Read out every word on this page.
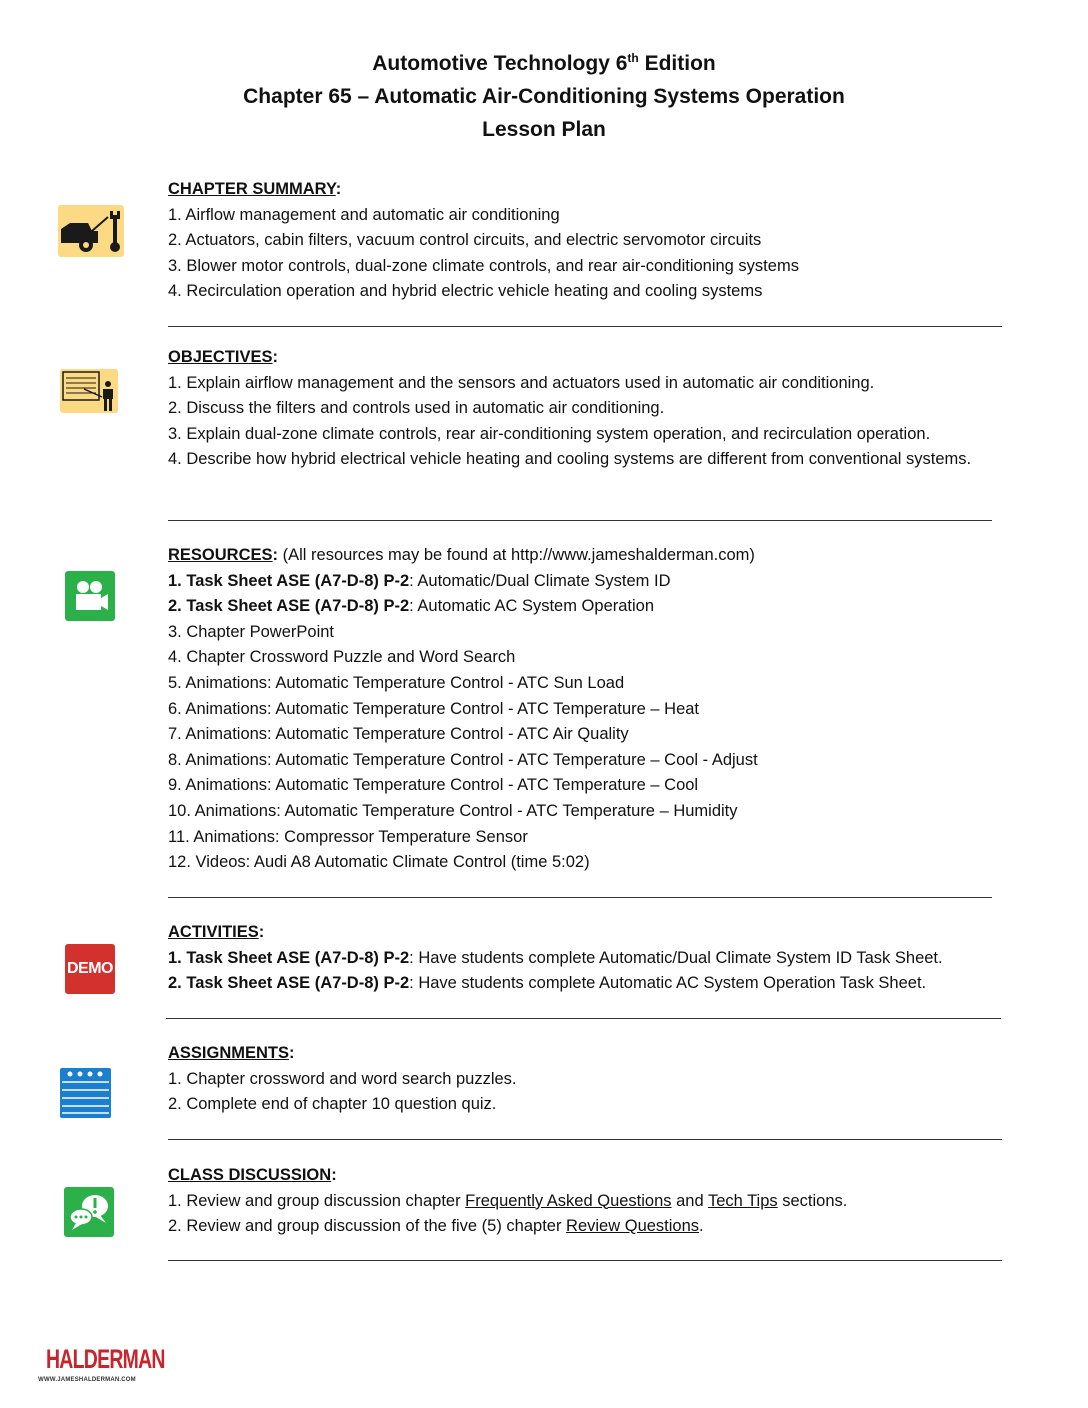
Automotive Technology 6th Edition
Chapter 65 – Automatic Air-Conditioning Systems Operation
Lesson Plan
CHAPTER SUMMARY:
1. Airflow management and automatic air conditioning
2. Actuators, cabin filters, vacuum control circuits, and electric servomotor circuits
3. Blower motor controls, dual-zone climate controls, and rear air-conditioning systems
4. Recirculation operation and hybrid electric vehicle heating and cooling systems
OBJECTIVES:
1. Explain airflow management and the sensors and actuators used in automatic air conditioning.
2. Discuss the filters and controls used in automatic air conditioning.
3. Explain dual-zone climate controls, rear air-conditioning system operation, and recirculation operation.
4. Describe how hybrid electrical vehicle heating and cooling systems are different from conventional systems.
RESOURCES: (All resources may be found at http://www.jameshalderman.com)
1. Task Sheet ASE (A7-D-8) P-2: Automatic/Dual Climate System ID
2. Task Sheet ASE (A7-D-8) P-2: Automatic AC System Operation
3. Chapter PowerPoint
4. Chapter Crossword Puzzle and Word Search
5. Animations: Automatic Temperature Control - ATC Sun Load
6. Animations: Automatic Temperature Control - ATC Temperature – Heat
7. Animations: Automatic Temperature Control - ATC Air Quality
8. Animations: Automatic Temperature Control - ATC Temperature – Cool - Adjust
9. Animations: Automatic Temperature Control - ATC Temperature – Cool
10. Animations: Automatic Temperature Control - ATC Temperature – Humidity
11. Animations: Compressor Temperature Sensor
12. Videos: Audi A8 Automatic Climate Control (time 5:02)
DEMO
ACTIVITIES:
1. Task Sheet ASE (A7-D-8) P-2: Have students complete Automatic/Dual Climate System ID Task Sheet.
2. Task Sheet ASE (A7-D-8) P-2: Have students complete Automatic AC System Operation Task Sheet.
ASSIGNMENTS:
1. Chapter crossword and word search puzzles.
2. Complete end of chapter 10 question quiz.
CLASS DISCUSSION:
1. Review and group discussion chapter Frequently Asked Questions and Tech Tips sections.
2. Review and group discussion of the five (5) chapter Review Questions.
HALDERMAN
WWW.JAMESHALDERMAN.COM
